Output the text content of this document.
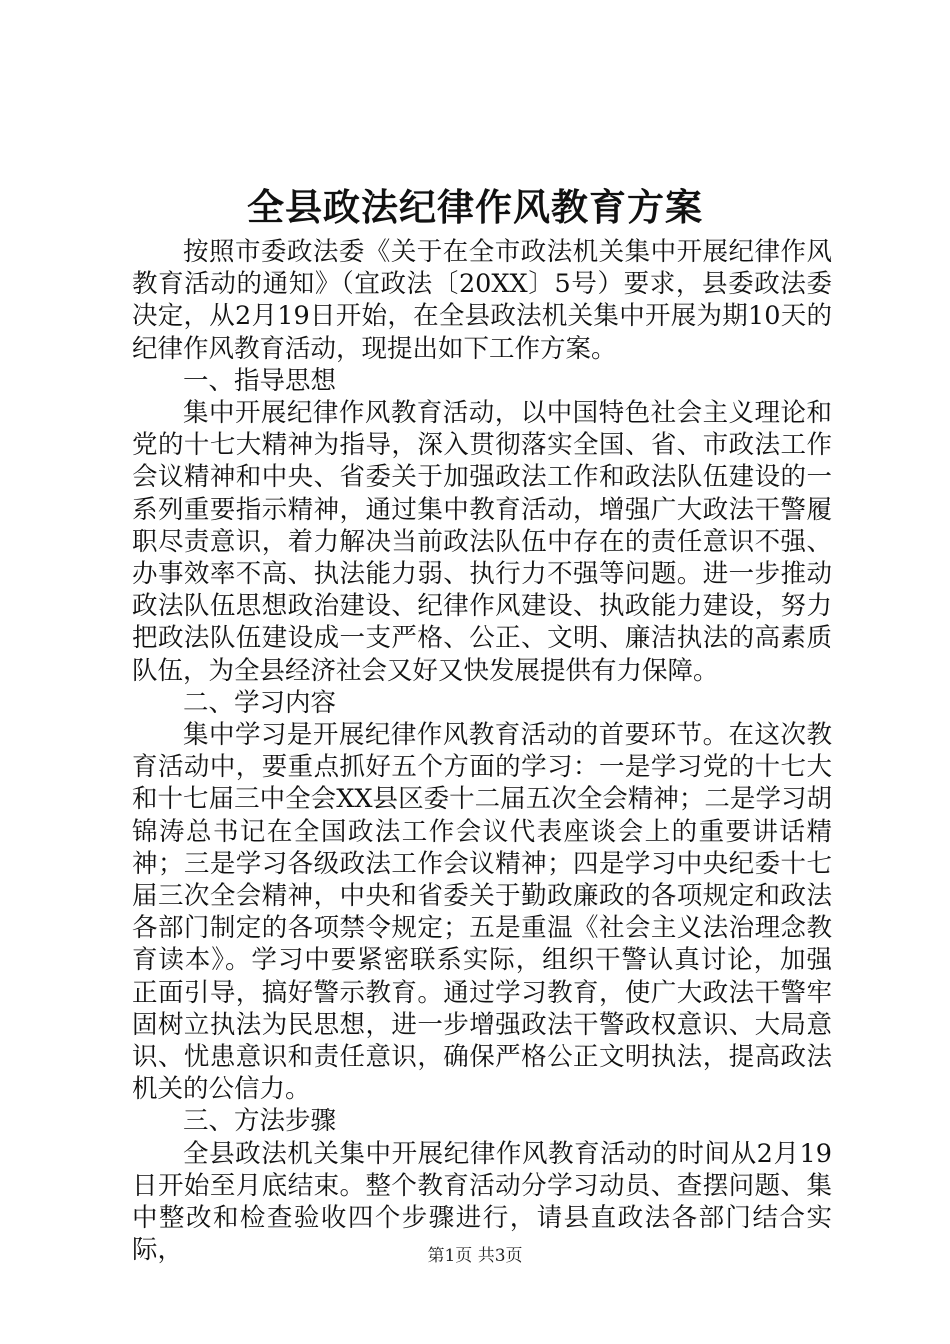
全县政法纪律作风教育方案

按照市委政法委《关于在全市政法机关集中开展纪律作风教育活动的通知》（宜政法〔20XX〕5号）要求，县委政法委决定，从2月19日开始，在全县政法机关集中开展为期10天的纪律作风教育活动，现提出如下工作方案。

一、指导思想

集中开展纪律作风教育活动，以中国特色社会主义理论和党的十七大精神为指导，深入贯彻落实全国、省、市政法工作会议精神和中央、省委关于加强政法工作和政法队伍建设的一系列重要指示精神，通过集中教育活动，增强广大政法干警履职尽责意识，着力解决当前政法队伍中存在的责任意识不强、办事效率不高、执法能力弱、执行力不强等问题。进一步推动政法队伍思想政治建设、纪律作风建设、执政能力建设，努力把政法队伍建设成一支严格、公正、文明、廉洁执法的高素质队伍，为全县经济社会又好又快发展提供有力保障。

二、学习内容

集中学习是开展纪律作风教育活动的首要环节。在这次教育活动中，要重点抓好五个方面的学习：一是学习党的十七大和十七届三中全会XX县区委十二届五次全会精神；二是学习胡锦涛总书记在全国政法工作会议代表座谈会上的重要讲话精神；三是学习各级政法工作会议精神；四是学习中央纪委十七届三次全会精神，中央和省委关于勤政廉政的各项规定和政法各部门制定的各项禁令规定；五是重温《社会主义法治理念教育读本》。学习中要紧密联系实际，组织干警认真讨论，加强正面引导，搞好警示教育。通过学习教育，使广大政法干警牢固树立执法为民思想，进一步增强政法干警政权意识、大局意识、忧患意识和责任意识，确保严格公正文明执法，提高政法机关的公信力。

三、方法步骤

全县政法机关集中开展纪律作风教育活动的时间从2月19日开始至月底结束。整个教育活动分学习动员、查摆问题、集中整改和检查验收四个步骤进行，请县直政法各部门结合实际，	第1页 共3页
